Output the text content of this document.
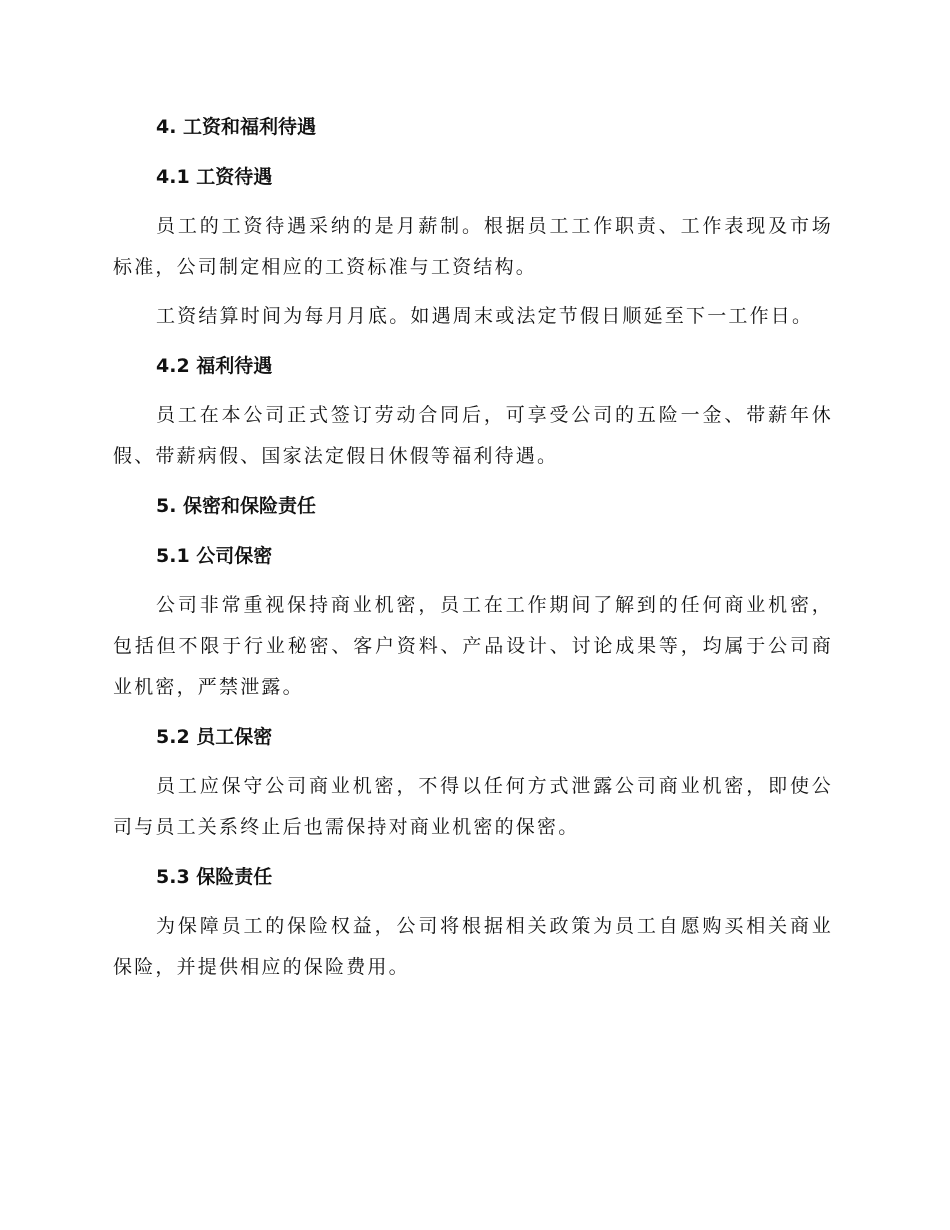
4. 工资和福利待遇
4.1 工资待遇

员工的工资待遇采纳的是月薪制。根据员工工作职责、工作表现及市场标准，公司制定相应的工资标准与工资结构。

工资结算时间为每月月底。如遇周末或法定节假日顺延至下一工作日。

4.2 福利待遇

员工在本公司正式签订劳动合同后，可享受公司的五险一金、带薪年休假、带薪病假、国家法定假日休假等福利待遇。

5. 保密和保险责任
5.1 公司保密

公司非常重视保持商业机密，员工在工作期间了解到的任何商业机密，包括但不限于行业秘密、客户资料、产品设计、讨论成果等，均属于公司商业机密，严禁泄露。

5.2 员工保密

员工应保守公司商业机密，不得以任何方式泄露公司商业机密，即使公司与员工关系终止后也需保持对商业机密的保密。

5.3 保险责任

为保障员工的保险权益，公司将根据相关政策为员工自愿购买相关商业保险，并提供相应的保险费用。
